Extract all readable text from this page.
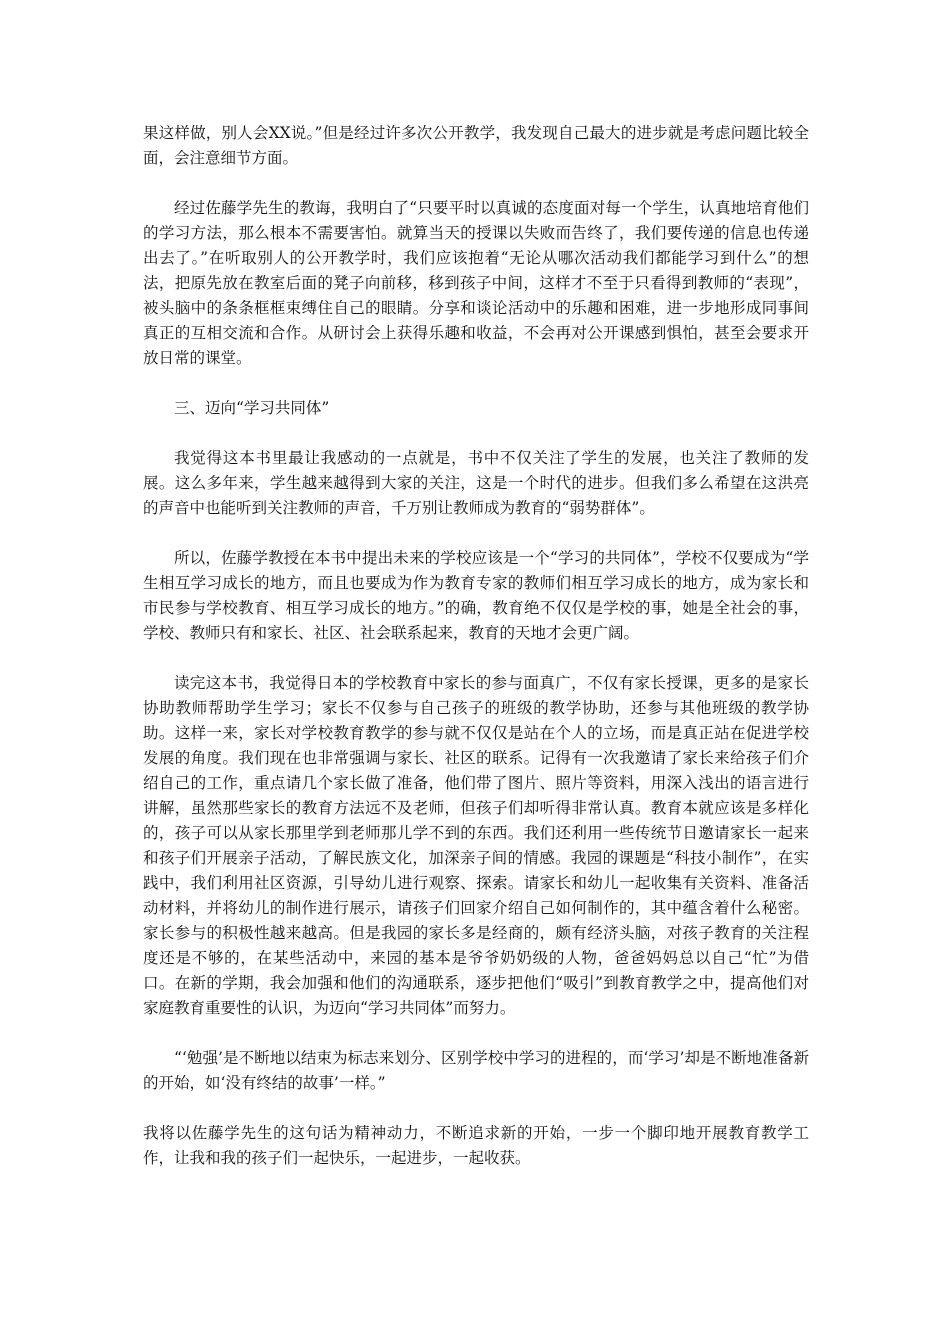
果这样做，别人会XX说。”但是经过许多次公开教学，我发现自己最大的进步就是考虑问题比较全面，会注意细节方面。

经过佐藤学先生的教诲，我明白了“只要平时以真诚的态度面对每一个学生，认真地培育他们的学习方法，那么根本不需要害怕。就算当天的授课以失败而告终了，我们要传递的信息也传递出去了。”在听取别人的公开教学时，我们应该抱着“无论从哪次活动我们都能学习到什么”的想法，把原先放在教室后面的凳子向前移，移到孩子中间，这样才不至于只看得到教师的“表现”，被头脑中的条条框框束缚住自己的眼睛。分享和谈论活动中的乐趣和困难，进一步地形成同事间真正的互相交流和合作。从研讨会上获得乐趣和收益，不会再对公开课感到惧怕，甚至会要求开放日常的课堂。

三、迈向“学习共同体”

我觉得这本书里最让我感动的一点就是，书中不仅关注了学生的发展，也关注了教师的发展。这么多年来，学生越来越得到大家的关注，这是一个时代的进步。但我们多么希望在这洪亮的声音中也能听到关注教师的声音，千万别让教师成为教育的“弱势群体”。

所以，佐藤学教授在本书中提出未来的学校应该是一个“学习的共同体”，学校不仅要成为“学生相互学习成长的地方，而且也要成为作为教育专家的教师们相互学习成长的地方，成为家长和市民参与学校教育、相互学习成长的地方。”的确，教育绝不仅仅是学校的事，她是全社会的事，学校、教师只有和家长、社区、社会联系起来，教育的天地才会更广阔。

读完这本书，我觉得日本的学校教育中家长的参与面真广，不仅有家长授课，更多的是家长协助教师帮助学生学习；家长不仅参与自己孩子的班级的教学协助，还参与其他班级的教学协助。这样一来，家长对学校教育教学的参与就不仅仅是站在个人的立场，而是真正站在促进学校发展的角度。我们现在也非常强调与家长、社区的联系。记得有一次我邀请了家长来给孩子们介绍自己的工作，重点请几个家长做了准备，他们带了图片、照片等资料，用深入浅出的语言进行讲解，虽然那些家长的教育方法远不及老师，但孩子们却听得非常认真。教育本就应该是多样化的，孩子可以从家长那里学到老师那儿学不到的东西。我们还利用一些传统节日邀请家长一起来和孩子们开展亲子活动，了解民族文化，加深亲子间的情感。我园的课题是“科技小制作”，在实践中，我们利用社区资源，引导幼儿进行观察、探索。请家长和幼儿一起收集有关资料、准备活动材料，并将幼儿的制作进行展示，请孩子们回家介绍自己如何制作的，其中蕴含着什么秘密。家长参与的积极性越来越高。但是我园的家长多是经商的，颇有经济头脑，对孩子教育的关注程度还是不够的，在某些活动中，来园的基本是爷爷奶奶级的人物，爸爸妈妈总以自己“忙”为借口。在新的学期，我会加强和他们的沟通联系，逐步把他们“吸引”到教育教学之中，提高他们对家庭教育重要性的认识，为迈向“学习共同体”而努力。

“‘勉强’是不断地以结束为标志来划分、区别学校中学习的进程的，而‘学习’却是不断地准备新的开始，如‘没有终结的故事’一样。”

我将以佐藤学先生的这句话为精神动力，不断追求新的开始，一步一个脚印地开展教育教学工作，让我和我的孩子们一起快乐，一起进步，一起收获。
